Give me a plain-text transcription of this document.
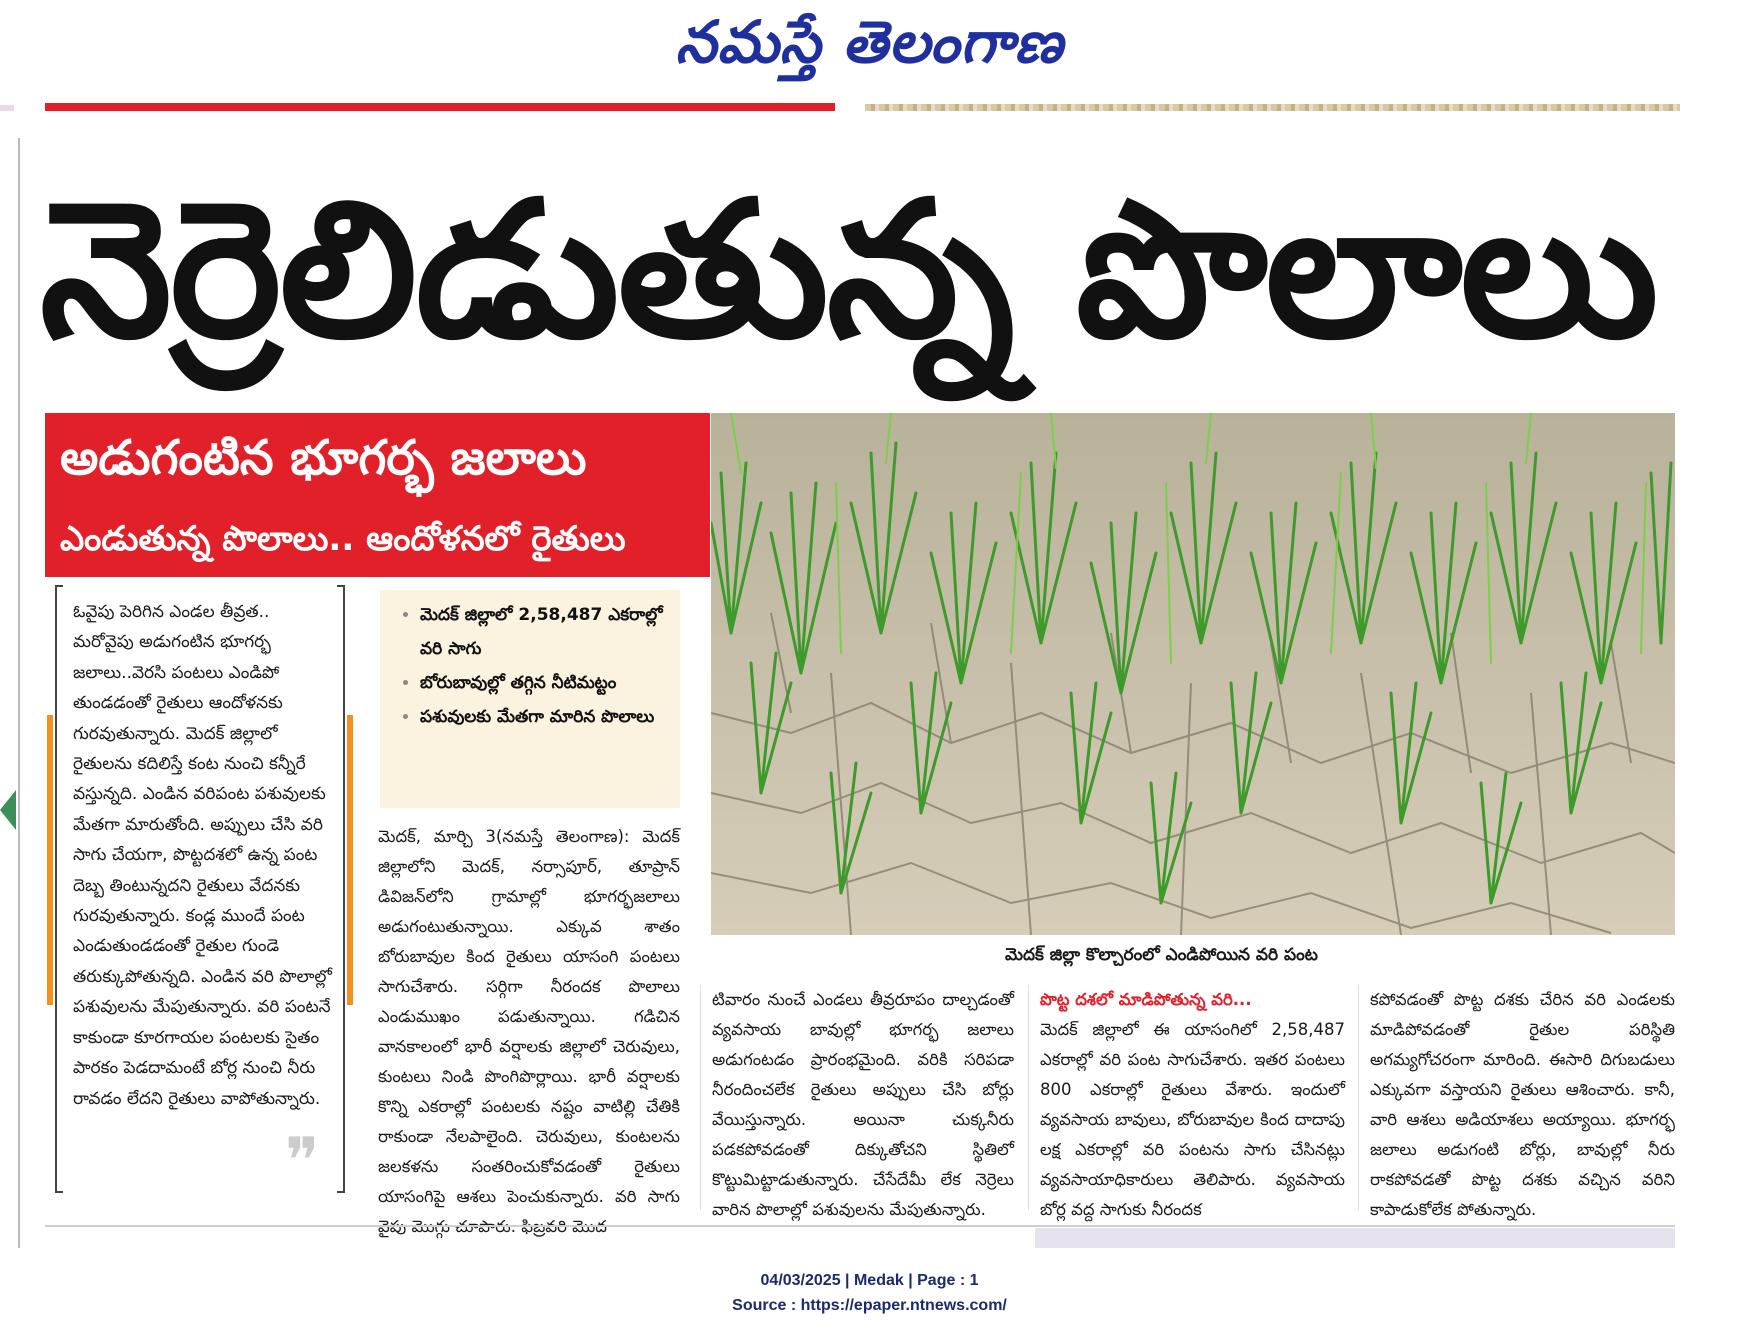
నమస్తే తెలంగాణ
నెర్రెలిడుతున్న పొలాలు
అడుగంటిన భూగర్భ జలాలు
ఎండుతున్న పొలాలు.. ఆందోళనలో రైతులు
మెదక్ జిల్లా కొల్చారంలో ఎండిపోయిన వరి పంట
ఓవైపు పెరిగిన ఎండల తీవ్రత.. మరోవైపు అడుగంటిన భూగర్భ జలాలు..వెరసి పంటలు ఎండిపో తుండడంతో రైతులు ఆందోళనకు గురవుతున్నారు. మెదక్ జిల్లాలో రైతులను కదిలిస్తే కంట నుంచి కన్నీరే వస్తున్నది. ఎండిన వరిపంట పశువులకు మేతగా మారుతోంది. అప్పులు చేసి వరి సాగు చేయగా, పొట్టదశలో ఉన్న పంట దెబ్బ తింటున్నదని రైతులు వేదనకు గురవుతున్నారు. కండ్ల ముందే పంట ఎండుతుండడంతో రైతుల గుండె తరుక్కుపోతున్నది. ఎండిన వరి పొలాల్లో పశువులను మేపుతున్నారు. వరి పంటనే కాకుండా కూరగాయల పంటలకు సైతం పారకం పెడదామంటే బోర్ల నుంచి నీరు రావడం లేదని రైతులు వాపోతున్నారు.
❞
• మెదక్ జిల్లాలో 2,58,487 ఎకరాల్లో వరి సాగు
• బోరుబావుల్లో తగ్గిన నీటిమట్టం
• పశువులకు మేతగా మారిన పొలాలు
మెదక్, మార్చి 3(నమస్తే తెలంగాణ): మెదక్ జిల్లాలోని మెదక్, నర్సాపూర్, తూప్రాన్ డివిజన్‌లోని గ్రామాల్లో భూగర్భజలాలు అడుగంటుతున్నాయి. ఎక్కువ శాతం బోరుబావుల కింద రైతులు యాసంగి పంటలు సాగుచేశారు. సర్గిగా నీరందక పొలాలు ఎండుముఖం పడుతున్నాయి. గడిచిన వానకాలంలో భారీ వర్షాలకు జిల్లాలో చెరువులు, కుంటలు నిండి పొంగిపొర్లాయి. భారీ వర్షాలకు కొన్ని ఎకరాల్లో పంటలకు నష్టం వాటిల్లి చేతికి రాకుండా నేలపాలైంది. చెరువులు, కుంటలను జలకళను సంతరించుకోవడంతో రైతులు యాసంగిపై ఆశలు పెంచుకున్నారు. వరి సాగు
టివారం నుంచే ఎండలు తీవ్రరూపం దాల్చడంతో వ్యవసాయ బావుల్లో భూగర్భ జలాలు అడుగంటడం ప్రారంభమైంది. వరికి సరిపడా నీరందించలేక రైతులు అప్పులు చేసి బోర్లు వేయిస్తున్నారు. అయినా చుక్కనీరు పడకపోవడంతో దిక్కుతోచని స్థితిలో కొట్టుమిట్టాడుతున్నారు. చేసేదేమీ లేక నెర్రెలు వారిన పొలాల్లో పశువులను మేపుతున్నారు.
పొట్ట దశలో మాడిపోతున్న వరి...
మెదక్ జిల్లాలో ఈ యాసంగిలో 2,58,487 ఎకరాల్లో వరి పంట సాగుచేశారు. ఇతర పంటలు 800 ఎకరాల్లో రైతులు వేశారు. ఇందులో వ్యవసాయ బావులు, బోరుబావుల కింద దాదాపు లక్ష ఎకరాల్లో వరి పంటను సాగు చేసినట్లు వ్యవసాయాధికారులు తెలిపారు. వ్యవసాయ బోర్ల వద్ద సాగుకు నీరందక
కపోవడంతో పొట్ట దశకు చేరిన వరి ఎండలకు మాడిపోవడంతో రైతుల పరిస్థితి అగమ్యగోచరంగా మారింది. ఈసారి దిగుబడులు ఎక్కువగా వస్తాయని రైతులు ఆశించారు. కానీ, వారి ఆశలు అడియాశలు అయ్యాయి. భూగర్భ జలాలు అడుగంటి బోర్లు, బావుల్లో నీరు రాకపోవడతో పొట్ట దశకు వచ్చిన వరిని కాపాడుకోలేక పోతున్నారు.
04/03/2025 | Medak | Page : 1
Source : https://epaper.ntnews.com/
